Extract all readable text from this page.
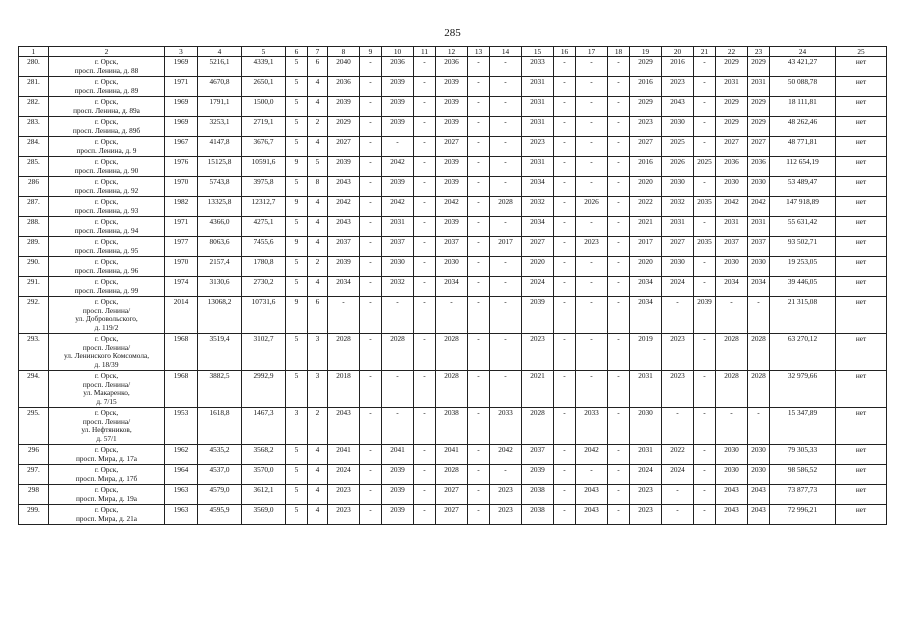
285
1	2	3	4	5	6	7	8	9	10	11	12	13	14	15	16	17	18	19	20	21	22	23	24	25
280.	г. Орск,
просп. Ленина, д. 88	1969	5216,1	4339,1	5	6	2040	-	2036	-	2036	-	-	2033	-	-	-	2029	2016	-	2029	2029	43 421,27	нет
281.	г. Орск,
просп. Ленина, д. 89	1971	4670,8	2650,1	5	4	2036	-	2039	-	2039	-	-	2031	-	-	-	2016	2023	-	2031	2031	50 088,78	нет
282.	г. Орск,
просп. Ленина, д. 89а	1969	1791,1	1500,0	5	4	2039	-	2039	-	2039	-	-	2031	-	-	-	2029	2043	-	2029	2029	18 111,81	нет
283.	г. Орск,
просп. Ленина, д. 89б	1969	3253,1	2719,1	5	2	2029	-	2039	-	2039	-	-	2031	-	-	-	2023	2030	-	2029	2029	48 262,46	нет
284.	г. Орск,
просп. Ленина, д. 9	1967	4147,8	3676,7	5	4	2027	-	-	-	2027	-	-	2023	-	-	-	2027	2025	-	2027	2027	48 771,81	нет
285.	г. Орск,
просп. Ленина, д. 90	1976	15125,8	10591,6	9	5	2039	-	2042	-	2039	-	-	2031	-	-	-	2016	2026	2025	2036	2036	112 654,19	нет
286	г. Орск,
просп. Ленина, д. 92	1970	5743,8	3975,8	5	8	2043	-	2039	-	2039	-	-	2034	-	-	-	2020	2030	-	2030	2030	53 489,47	нет
287.	г. Орск,
просп. Ленина, д. 93	1982	13325,8	12312,7	9	4	2042	-	2042	-	2042	-	2028	2032	-	2026	-	2022	2032	2035	2042	2042	147 918,89	нет
288.	г. Орск,
просп. Ленина, д. 94	1971	4366,0	4275,1	5	4	2043	-	2031	-	2039	-	-	2034	-	-	-	2021	2031	-	2031	2031	55 631,42	нет
289.	г. Орск,
просп. Ленина, д. 95	1977	8063,6	7455,6	9	4	2037	-	2037	-	2037	-	2017	2027	-	2023	-	2017	2027	2035	2037	2037	93 502,71	нет
290.	г. Орск,
просп. Ленина, д. 96	1970	2157,4	1780,8	5	2	2039	-	2030	-	2030	-	-	2020	-	-	-	2020	2030	-	2030	2030	19 253,05	нет
291.	г. Орск,
просп. Ленина, д. 99	1974	3130,6	2730,2	5	4	2034	-	2032	-	2034	-	-	2024	-	-	-	2034	2024	-	2034	2034	39 446,05	нет
292.	г. Орск,
просп. Ленина/
ул. Добровольского,
д. 119/2	2014	13068,2	10731,6	9	6	-	-	-	-	-	-	-	2039	-	-	-	2034	-	2039	-	-	21 315,08	нет
293.	г. Орск,
просп. Ленина/
ул. Ленинского Комсомола,
д. 18/39	1968	3519,4	3102,7	5	3	2028	-	2028	-	2028	-	-	2023	-	-	-	2019	2023	-	2028	2028	63 270,12	нет
294.	г. Орск,
просп. Ленина/
ул. Макаренко,
д. 7/15	1968	3882,5	2992,9	5	3	2018	-	-	-	2028	-	-	2021	-	-	-	2031	2023	-	2028	2028	32 979,66	нет
295.	г. Орск,
просп. Ленина/
ул. Нефтяников,
д. 57/1	1953	1618,8	1467,3	3	2	2043	-	-	-	2038	-	2033	2028	-	2033	-	2030	-	-	-	-	15 347,89	нет
296	г. Орск,
просп. Мира, д. 17а	1962	4535,2	3568,2	5	4	2041	-	2041	-	2041	-	2042	2037	-	2042	-	2031	2022	-	2030	2030	79 305,33	нет
297.	г. Орск,
просп. Мира, д. 17б	1964	4537,0	3570,0	5	4	2024	-	2039	-	2028	-	-	2039	-	-	-	2024	2024	-	2030	2030	98 586,52	нет
298	г. Орск,
просп. Мира, д. 19а	1963	4579,0	3612,1	5	4	2023	-	2039	-	2027	-	2023	2038	-	2043	-	2023	-	-	2043	2043	73 877,73	нет
299.	г. Орск,
просп. Мира, д. 21а	1963	4595,9	3569,0	5	4	2023	-	2039	-	2027	-	2023	2038	-	2043	-	2023	-	-	2043	2043	72 996,21	нет
